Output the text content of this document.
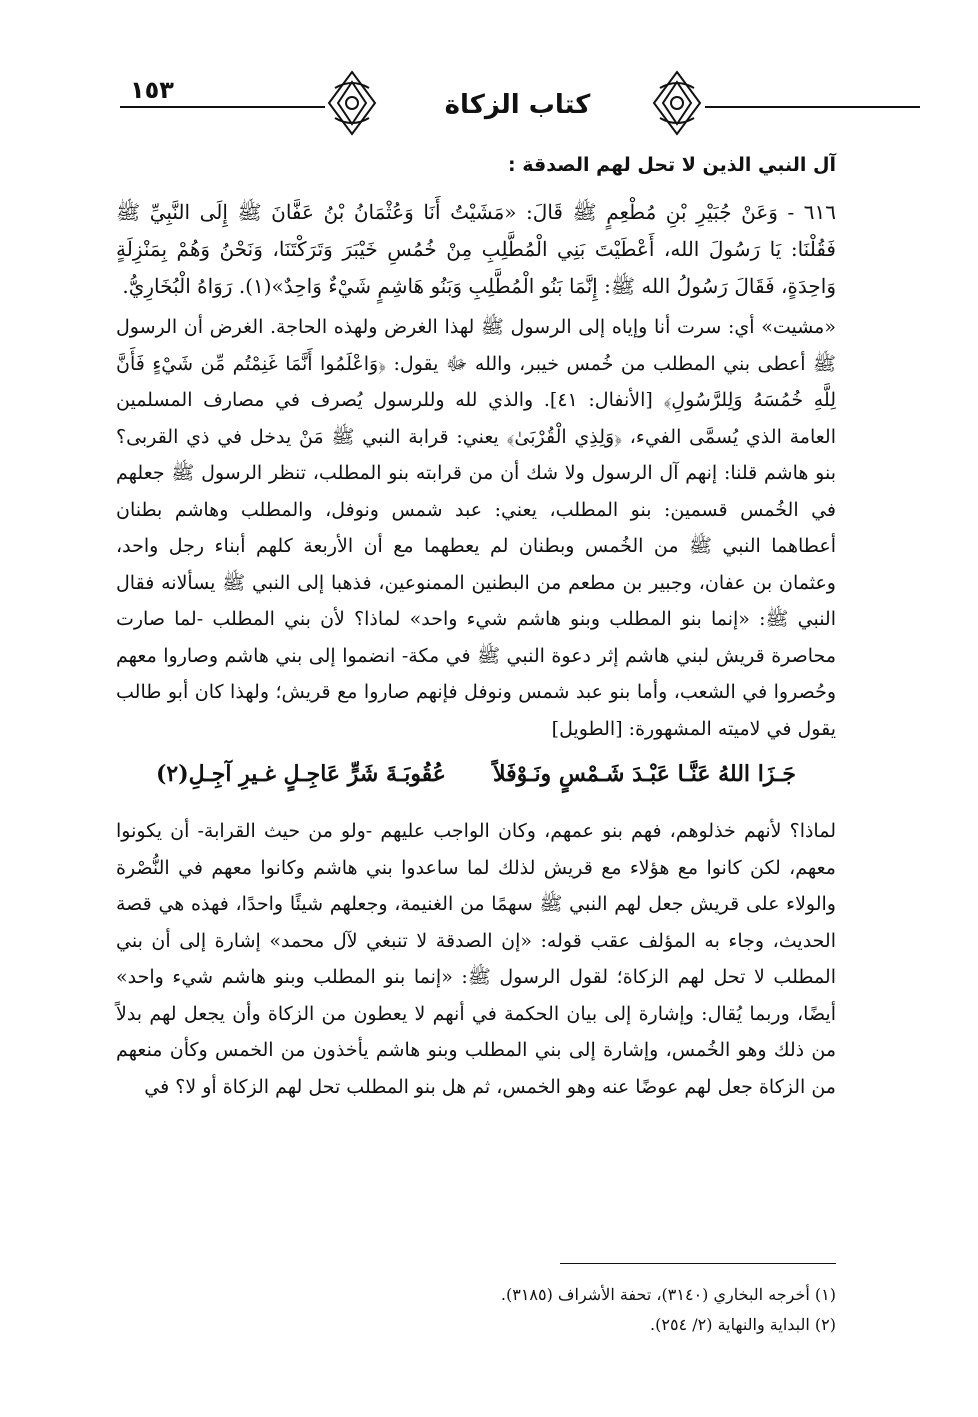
١٥٣	كتاب الزكاة

آل النبي الذين لا تحل لهم الصدقة :

٦١٦ - وَعَنْ جُبَيْرِ بْنِ مُطْعِمٍ ﷺ قَالَ: «مَشَيْتُ أَنَا وَعُثْمَانُ بْنُ عَفَّانَ ﷺ إِلَى النَّبِيِّ ﷺ فَقُلْنَا: يَا رَسُولَ الله، أَعْطَيْتَ بَنِي الْمُطَّلِبِ مِنْ خُمُسِ خَيْبَرَ وَتَرَكْتَنَا، وَنَحْنُ وَهُمْ بِمَنْزِلَةٍ وَاحِدَةٍ، فَقَالَ رَسُولُ الله ﷺ: إِنَّمَا بَنُو الْمُطَّلِبِ وَبَنُو هَاشِمٍ شَيْءٌ وَاحِدٌ»(١). رَوَاهُ الْبُخَارِيُّ.

«مشيت» أي: سرت أنا وإياه إلى الرسول ﷺ لهذا الغرض ولهذه الحاجة. الغرض أن الرسول ﷺ أعطى بني المطلب من خُمس خيبر، والله ﷻ يقول: ﴿وَاعْلَمُوا أَنَّمَا غَنِمْتُم مِّن شَيْءٍ فَأَنَّ لِلَّهِ خُمُسَهُ وَلِلرَّسُولِ﴾ [الأنفال: ٤١]. والذي لله وللرسول يُصرف في مصارف المسلمين العامة الذي يُسمَّى الفيء، ﴿وَلِذِي الْقُرْبَىٰ﴾ يعني: قرابة النبي ﷺ مَنْ يدخل في ذي القربى؟ بنو هاشم قلنا: إنهم آل الرسول ولا شك أن من قرابته بنو المطلب، تنظر الرسول ﷺ جعلهم في الخُمس قسمين: بنو المطلب، يعني: عبد شمس ونوفل، والمطلب وهاشم بطنان أعطاهما النبي ﷺ من الخُمس وبطنان لم يعطهما مع أن الأربعة كلهم أبناء رجل واحد، وعثمان بن عفان، وجبير بن مطعم من البطنين الممنوعين، فذهبا إلى النبي ﷺ يسألانه فقال النبي ﷺ: «إنما بنو المطلب وبنو هاشم شيء واحد» لماذا؟ لأن بني المطلب -لما صارت محاصرة قريش لبني هاشم إثر دعوة النبي ﷺ في مكة- انضموا إلى بني هاشم وصاروا معهم وحُصروا في الشعب، وأما بنو عبد شمس ونوفل فإنهم صاروا مع قريش؛ ولهذا كان أبو طالب يقول في لاميته المشهورة: [الطويل]

جَـزَا اللهُ عَنَّـا عَبْـدَ شَـمْسٍ ونَـوْفَلاً
عُقُوبَـةَ شَرٍّ عَاجِـلٍ غـيرِ آجِـلِ(٢)

لماذا؟ لأنهم خذلوهم، فهم بنو عمهم، وكان الواجب عليهم -ولو من حيث القرابة- أن يكونوا معهم، لكن كانوا مع هؤلاء مع قريش لذلك لما ساعدوا بني هاشم وكانوا معهم في النُّصْرة والولاء على قريش جعل لهم النبي ﷺ سهمًا من الغنيمة، وجعلهم شيئًا واحدًا، فهذه هي قصة الحديث، وجاء به المؤلف عقب قوله: «إن الصدقة لا تنبغي لآل محمد» إشارة إلى أن بني المطلب لا تحل لهم الزكاة؛ لقول الرسول ﷺ: «إنما بنو المطلب وبنو هاشم شيء واحد» أيضًا، وربما يُقال: وإشارة إلى بيان الحكمة في أنهم لا يعطون من الزكاة وأن يجعل لهم بدلاً من ذلك وهو الخُمس، وإشارة إلى بني المطلب وبنو هاشم يأخذون من الخمس وكأن منعهم من الزكاة جعل لهم عوضًا عنه وهو الخمس، ثم هل بنو المطلب تحل لهم الزكاة أو لا؟ في

(١) أخرجه البخاري (٣١٤٠)، تحفة الأشراف (٣١٨٥).

(٢) البداية والنهاية (٢/ ٢٥٤).
